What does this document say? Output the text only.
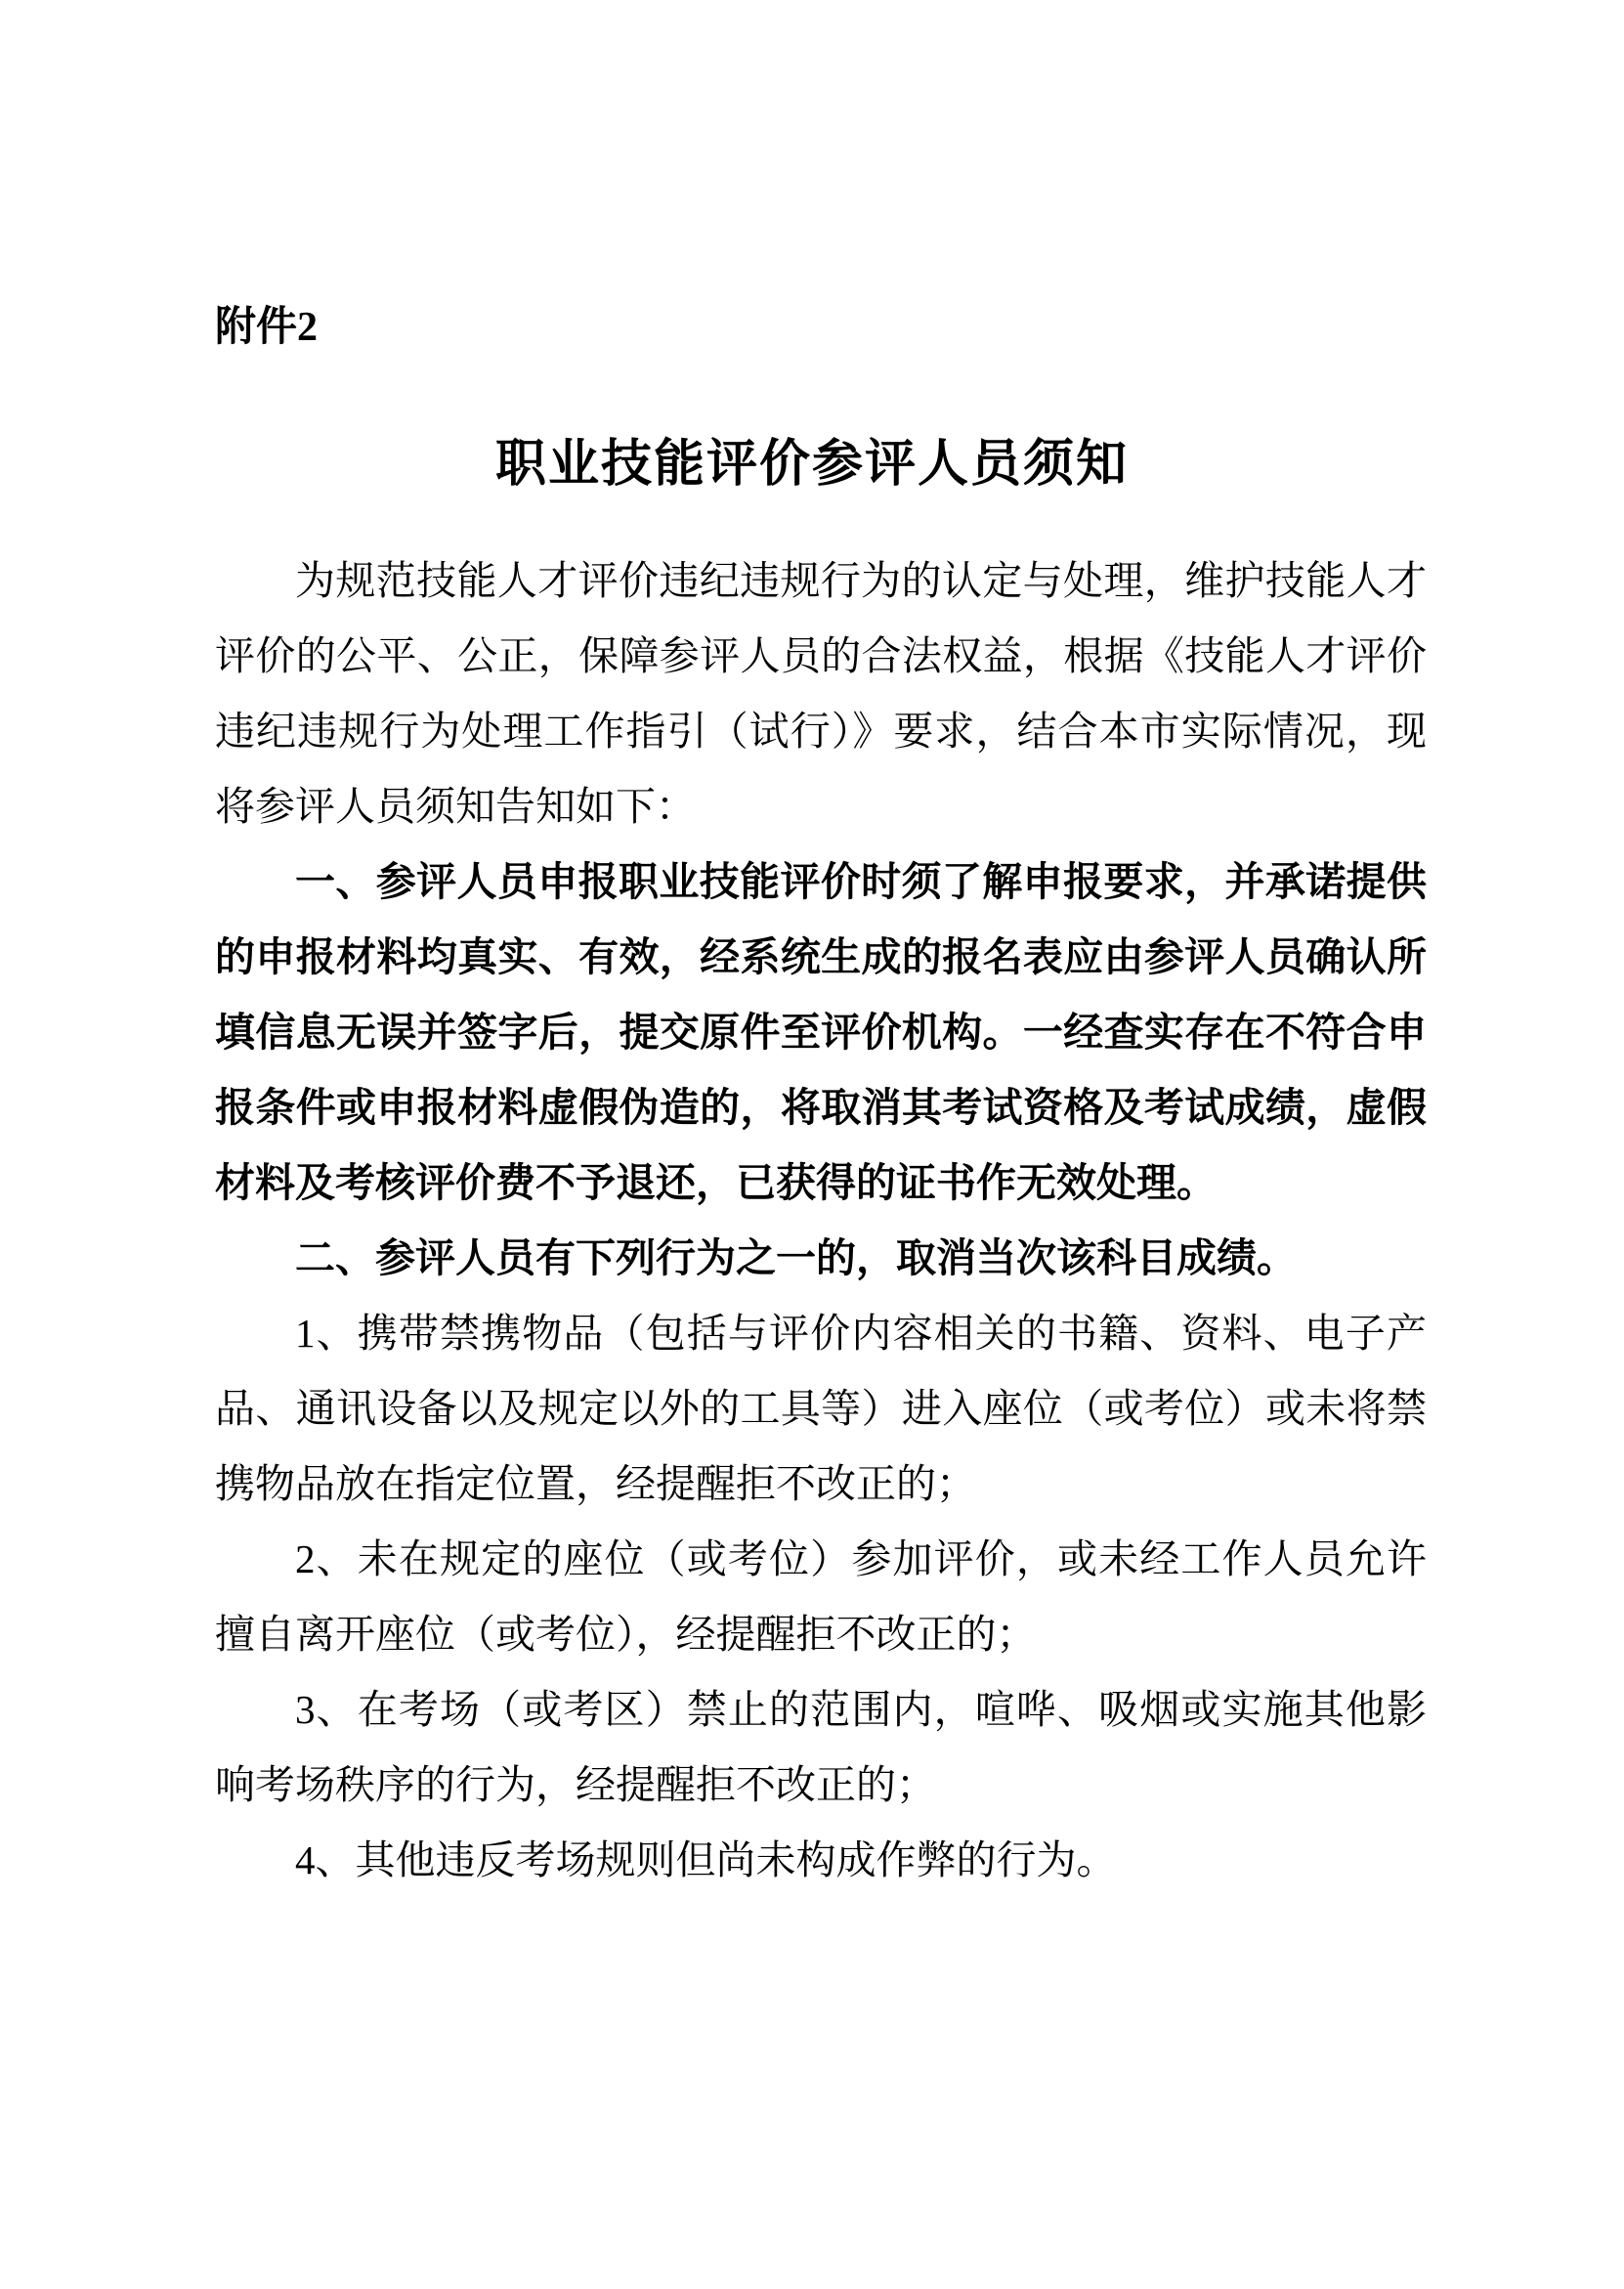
附件2
职业技能评价参评人员须知

为规范技能人才评价违纪违规行为的认定与处理，维护技能人才评价的公平、公正，保障参评人员的合法权益，根据《技能人才评价违纪违规行为处理工作指引（试行）》要求，结合本市实际情况，现将参评人员须知告知如下：

一、参评人员申报职业技能评价时须了解申报要求，并承诺提供的申报材料均真实、有效，经系统生成的报名表应由参评人员确认所填信息无误并签字后，提交原件至评价机构。一经查实存在不符合申报条件或申报材料虚假伪造的，将取消其考试资格及考试成绩，虚假材料及考核评价费不予退还，已获得的证书作无效处理。

二、参评人员有下列行为之一的，取消当次该科目成绩。

1、携带禁携物品（包括与评价内容相关的书籍、资料、电子产品、通讯设备以及规定以外的工具等）进入座位（或考位）或未将禁携物品放在指定位置，经提醒拒不改正的；

2、未在规定的座位（或考位）参加评价，或未经工作人员允许擅自离开座位（或考位），经提醒拒不改正的；

3、在考场（或考区）禁止的范围内，喧哗、吸烟或实施其他影响考场秩序的行为，经提醒拒不改正的；

4、其他违反考场规则但尚未构成作弊的行为。
